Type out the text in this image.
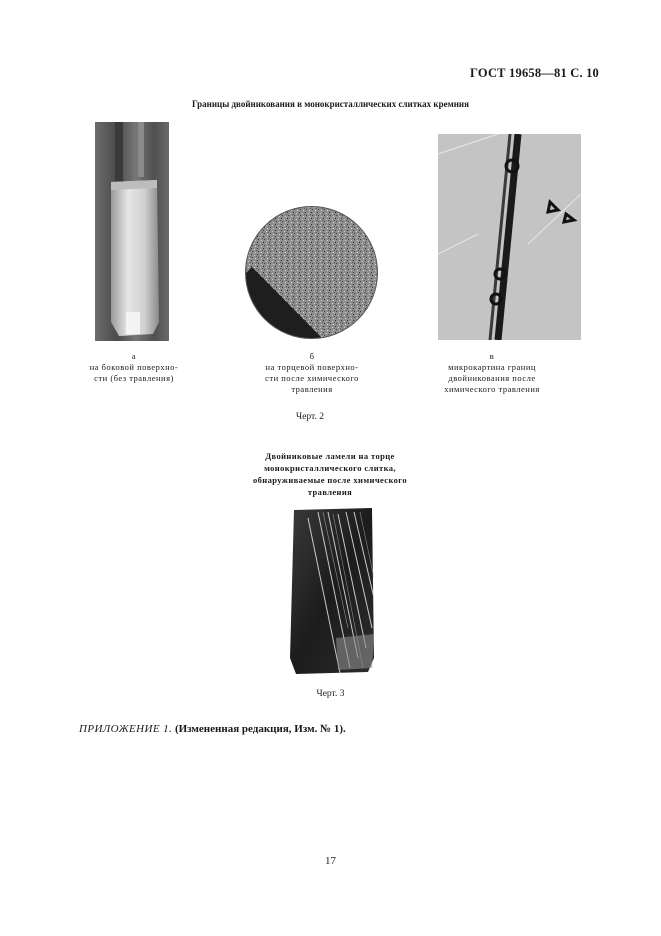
ГОСТ 19658—81 С. 10
Границы двойникования в монокристаллических слитках кремния
а
на боковой поверхно-
сти (без травления)
б
на торцевой поверхно-
сти после химического
травления
в
микрокартина границ
двойникования после
химического травления
Черт. 2
Двойниковые ламели на торце
монокристаллического слитка,
обнаруживаемые после химического
травления
Черт. 3
ПРИЛОЖЕНИЕ 1. (Измененная редакция, Изм. № 1).
17
